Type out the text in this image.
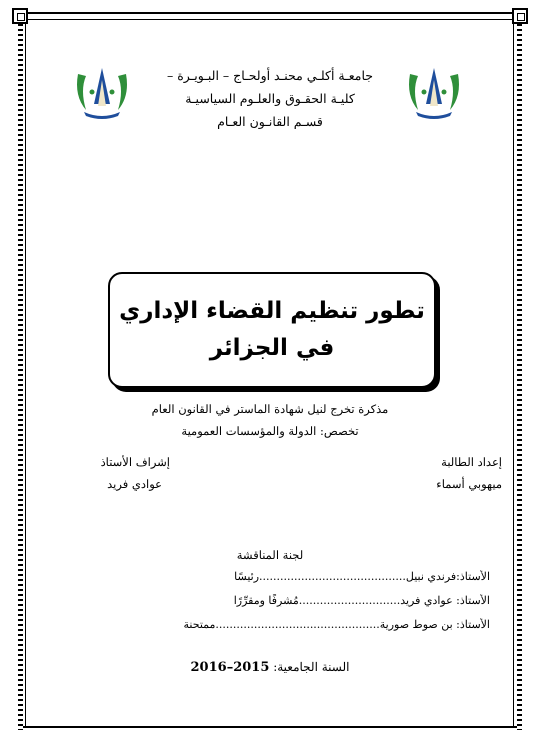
جامعـة أكلـي محنـد أولحـاج – البـويـرة –
كليـة الحقـوق والعلـوم السياسيـة
قسـم القانـون العـام
تطور تنظيم القضاء الإداري
في الجزائر
مذكرة تخرج لنيل شهادة الماستر في القانون العام
تخصص: الدولة والمؤسسات العمومية
إعداد الطالبة
ميهوبي أسماء
إشراف الأستاذ
عوادي فريد
لجنة المناقشة
الأستاذ:فرندي نبيل..........................................رئيسًا
الأستاذ: عوادي فريد.............................مُشرِفًا ومقرِّرًا
الأستاذ: بن صوط صورية...............................................ممتحنة
السنة الجامعية: 2015–2016
